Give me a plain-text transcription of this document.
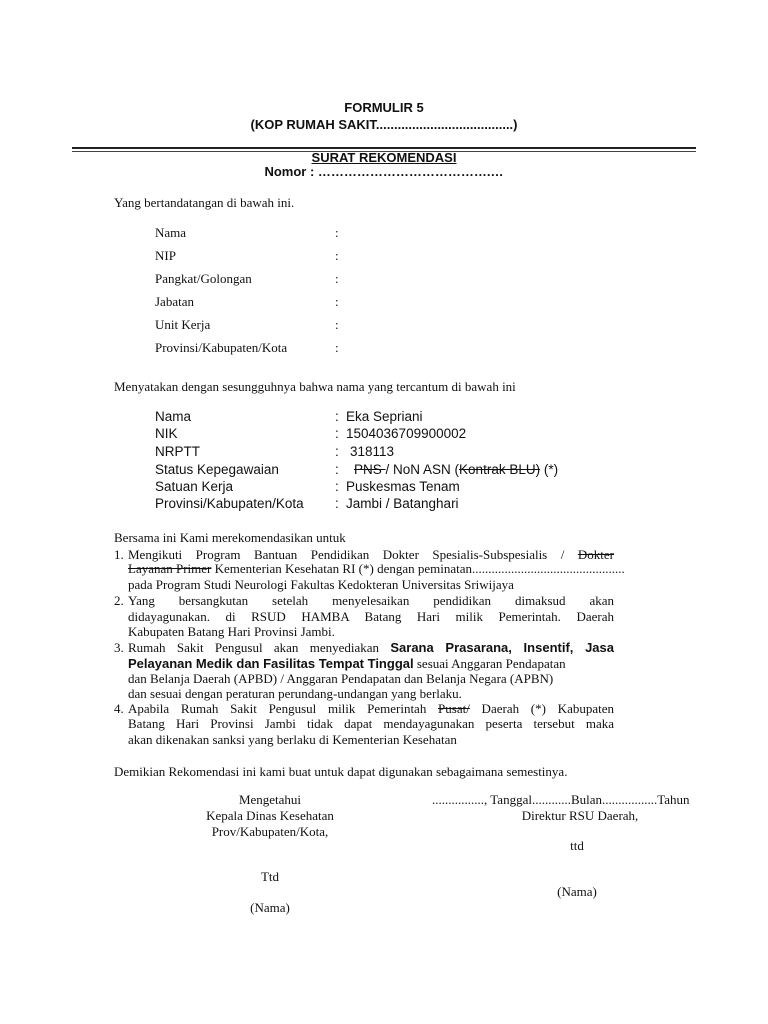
FORMULIR 5
(KOP RUMAH SAKIT......................................)
SURAT REKOMENDASI
Nomor : ………………………………….…
Yang bertandatangan di bawah ini.
Nama	:
NIP	:
Pangkat/Golongan	:
Jabatan	:
Unit Kerja	:
Provinsi/Kabupaten/Kota	:
Menyatakan dengan sesungguhnya bahwa nama yang tercantum di bawah ini
Nama	: Eka Sepriani
NIK	: 1504036709900002
NRPTT	: 318113
Status Kepegawaian	: PNS / NoN ASN (Kontrak BLU) (*)
Satuan Kerja	: Puskesmas Tenam
Provinsi/Kabupaten/Kota : Jambi / Batanghari
Bersama ini Kami merekomendasikan untuk
1. Mengikuti Program Bantuan Pendidikan Dokter Spesialis-Subspesialis / Dokter
Layanan Primer Kementerian Kesehatan RI (*) dengan peminatan...............................................
pada Program Studi Neurologi Fakultas Kedokteran Universitas Sriwijaya
2. Yang bersangkutan setelah menyelesaikan pendidikan dimaksud akan
didayagunakan. di RSUD HAMBA Batang Hari milik Pemerintah. Daerah
Kabupaten Batang Hari Provinsi Jambi.
3. Rumah Sakit Pengusul akan menyediakan Sarana Prasarana, Insentif, Jasa
Pelayanan Medik dan Fasilitas Tempat Tinggal sesuai Anggaran Pendapatan
dan Belanja Daerah (APBD) / Anggaran Pendapatan dan Belanja Negara (APBN)
dan sesuai dengan peraturan perundang-undangan yang berlaku.
4. Apabila Rumah Sakit Pengusul milik Pemerintah Pusat/ Daerah (*) Kabupaten
Batang Hari Provinsi Jambi tidak dapat mendayagunakan peserta tersebut maka
akan dikenakan sanksi yang berlaku di Kementerian Kesehatan
Demikian Rekomendasi ini kami buat untuk dapat digunakan sebagaimana semestinya.
Mengetahui
Kepala Dinas Kesehatan
Prov/Kabupaten/Kota,
Ttd
(Nama)
................, Tanggal............Bulan.................Tahun
Direktur RSU Daerah,
ttd
(Nama)
